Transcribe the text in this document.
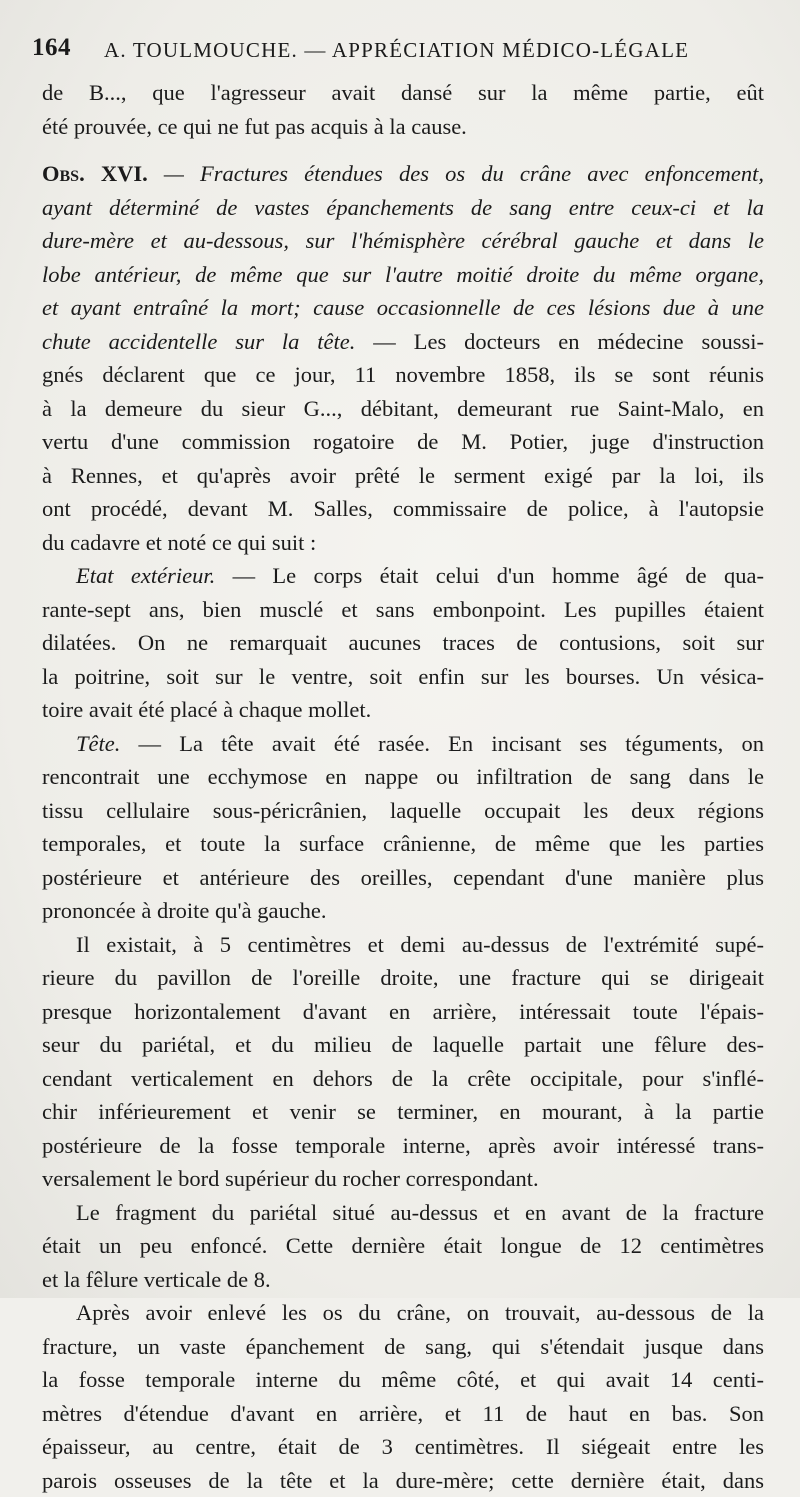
164 A. TOULMOUCHE. — APPRÉCIATION MÉDICO-LÉGALE
de B..., que l'agresseur avait dansé sur la même partie, eût
été prouvée, ce qui ne fut pas acquis à la cause.
Obs. XVI. — Fractures étendues des os du crâne avec enfoncement,
ayant déterminé de vastes épanchements de sang entre ceux-ci et la
dure-mère et au-dessous, sur l'hémisphère cérébral gauche et dans le
lobe antérieur, de même que sur l'autre moitié droite du même organe,
et ayant entraîné la mort; cause occasionnelle de ces lésions due à une
chute accidentelle sur la tête. — Les docteurs en médecine soussi-
gnés déclarent que ce jour, 11 novembre 1858, ils se sont réunis
à la demeure du sieur G..., débitant, demeurant rue Saint-Malo, en
vertu d'une commission rogatoire de M. Potier, juge d'instruction
à Rennes, et qu'après avoir prêté le serment exigé par la loi, ils
ont procédé, devant M. Salles, commissaire de police, à l'autopsie
du cadavre et noté ce qui suit :
Etat extérieur. — Le corps était celui d'un homme âgé de qua-
rante-sept ans, bien musclé et sans embonpoint. Les pupilles étaient
dilatées. On ne remarquait aucunes traces de contusions, soit sur
la poitrine, soit sur le ventre, soit enfin sur les bourses. Un vésica-
toire avait été placé à chaque mollet.
Tête. — La tête avait été rasée. En incisant ses téguments, on
rencontrait une ecchymose en nappe ou infiltration de sang dans le
tissu cellulaire sous-péricrânien, laquelle occupait les deux régions
temporales, et toute la surface crânienne, de même que les parties
postérieure et antérieure des oreilles, cependant d'une manière plus
prononcée à droite qu'à gauche.
Il existait, à 5 centimètres et demi au-dessus de l'extrémité supé-
rieure du pavillon de l'oreille droite, une fracture qui se dirigeait
presque horizontalement d'avant en arrière, intéressait toute l'épais-
seur du pariétal, et du milieu de laquelle partait une fêlure des-
cendant verticalement en dehors de la crête occipitale, pour s'inflé-
chir inférieurement et venir se terminer, en mourant, à la partie
postérieure de la fosse temporale interne, après avoir intéressé trans-
versalement le bord supérieur du rocher correspondant.
Le fragment du pariétal situé au-dessus et en avant de la fracture
était un peu enfoncé. Cette dernière était longue de 12 centimètres
et la fêlure verticale de 8.
Après avoir enlevé les os du crâne, on trouvait, au-dessous de la
fracture, un vaste épanchement de sang, qui s'étendait jusque dans
la fosse temporale interne du même côté, et qui avait 14 centi-
mètres d'étendue d'avant en arrière, et 11 de haut en bas. Son
épaisseur, au centre, était de 3 centimètres. Il siégeait entre les
parois osseuses de la tête et la dure-mère; cette dernière était, dans
